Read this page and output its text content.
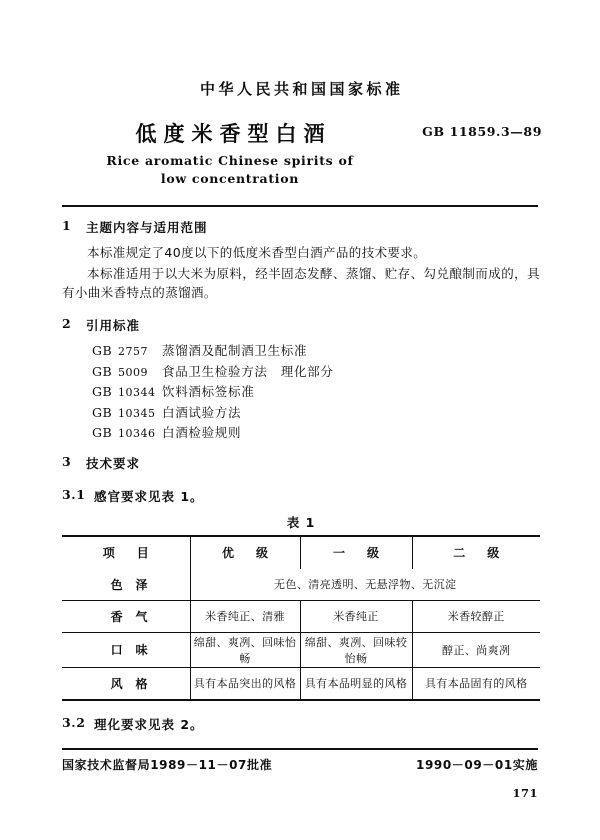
中华人民共和国国家标准
低度米香型白酒	GB 11859.3—89
Rice aromatic Chinese spirits of
low concentration
1	主题内容与适用范围

本标准规定了40度以下的低度米香型白酒产品的技术要求。

本标准适用于以大米为原料，经半固态发酵、蒸馏、贮存、勾兑酿制而成的，具有小曲米香特点的蒸馏酒。

2	引用标准
GB 2757 蒸馏酒及配制酒卫生标准
GB 5009 食品卫生检验方法　理化部分
GB 10344 饮料酒标签标准
GB 10345 白酒试验方法
GB 10346 白酒检验规则
3	技术要求
3.1 感官要求见表 1。
表 1
项　目	优　级	一　级	二　级
色　泽	无色、清亮透明、无悬浮物、无沉淀		
香　气	米香纯正、清雅	米香纯正	米香较醇正
口　味	绵甜、爽冽、回味怡畅	绵甜、爽冽、回味较怡畅	醇正、尚爽冽
风　格	具有本品突出的风格	具有本品明显的风格	具有本品固有的风格
3.2 理化要求见表 2。
国家技术监督局1989－11－07批准	1990－09－01实施
171
